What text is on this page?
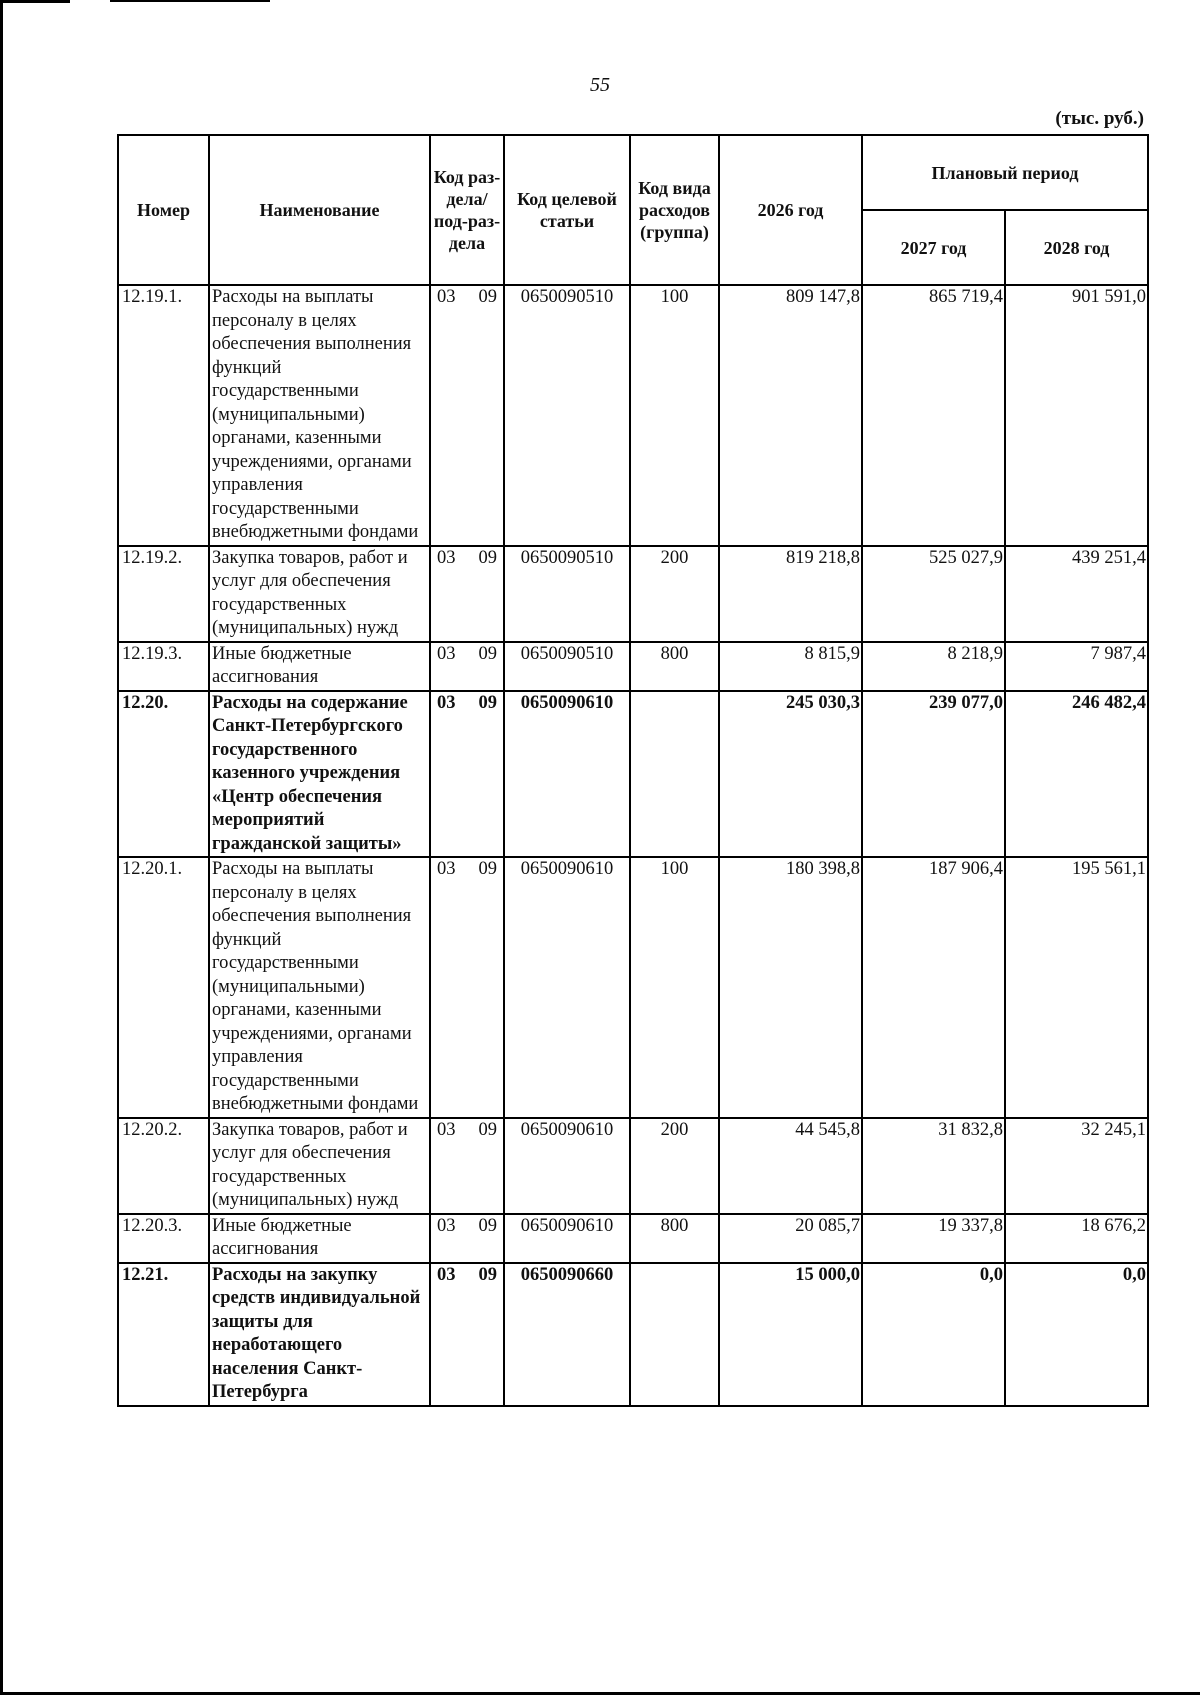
55
(тыс. руб.)
Номер	Наименование	Код раз-дела/ под-раз-дела	Код целевой статьи	Код вида расходов (группа)	2026 год	Плановый период	
						2027 год	2028 год
12.19.1.	Расходы на выплаты персоналу в целях обеспечения выполнения функций государственными (муниципальными) органами, казенными учреждениями, органами управления государственными внебюджетными фондами	03 09	0650090510	100	809 147,8	865 719,4	901 591,0
12.19.2.	Закупка товаров, работ и услуг для обеспечения государственных (муниципальных) нужд	03 09	0650090510	200	819 218,8	525 027,9	439 251,4
12.19.3.	Иные бюджетные ассигнования	03 09	0650090510	800	8 815,9	8 218,9	7 987,4
12.20.	Расходы на содержание Санкт-Петербургского государственного казенного учреждения «Центр обеспечения мероприятий гражданской защиты»	03 09	0650090610		245 030,3	239 077,0	246 482,4
12.20.1.	Расходы на выплаты персоналу в целях обеспечения выполнения функций государственными (муниципальными) органами, казенными учреждениями, органами управления государственными внебюджетными фондами	03 09	0650090610	100	180 398,8	187 906,4	195 561,1
12.20.2.	Закупка товаров, работ и услуг для обеспечения государственных (муниципальных) нужд	03 09	0650090610	200	44 545,8	31 832,8	32 245,1
12.20.3.	Иные бюджетные ассигнования	03 09	0650090610	800	20 085,7	19 337,8	18 676,2
12.21.	Расходы на закупку средств индивидуальной защиты для неработающего населения Санкт-Петербурга	03 09	0650090660		15 000,0	0,0	0,0
